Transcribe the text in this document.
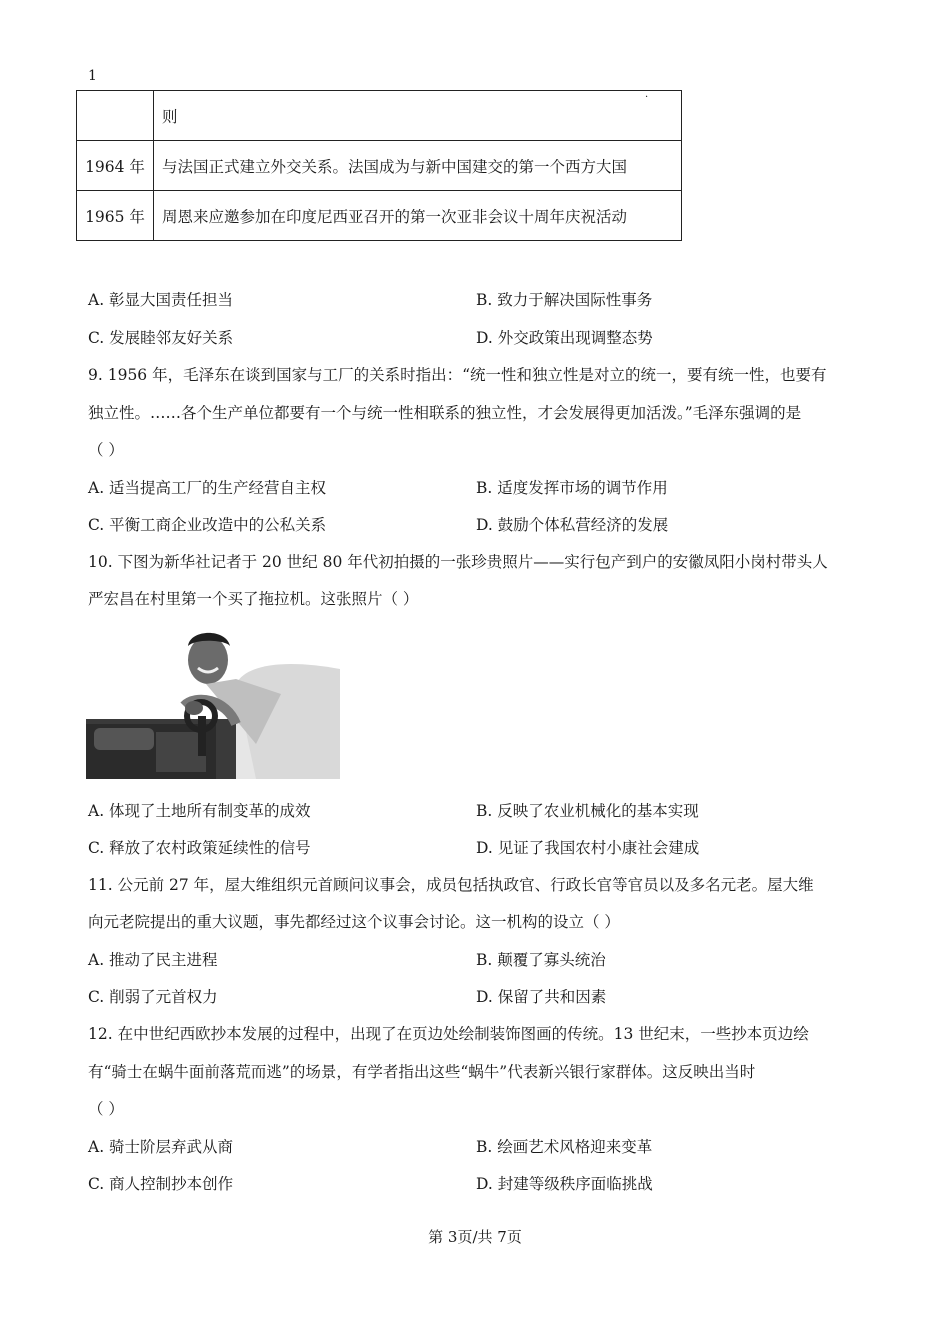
1
	则
1964 年	与法国正式建立外交关系。法国成为与新中国建交的第一个西方大国
1965 年	周恩来应邀参加在印度尼西亚召开的第一次亚非会议十周年庆祝活动
·
A. 彰显大国责任担当	B. 致力于解决国际性事务
C. 发展睦邻友好关系	D. 外交政策出现调整态势
9. 1956 年，毛泽东在谈到国家与工厂的关系时指出：“统一性和独立性是对立的统一，要有统一性，也要有
独立性。……各个生产单位都要有一个与统一性相联系的独立性，才会发展得更加活泼。”毛泽东强调的是
（ ）
A. 适当提高工厂的生产经营自主权	B. 适度发挥市场的调节作用
C. 平衡工商企业改造中的公私关系	D. 鼓励个体私营经济的发展
10. 下图为新华社记者于 20 世纪 80 年代初拍摄的一张珍贵照片——实行包产到户的安徽凤阳小岗村带头人
严宏昌在村里第一个买了拖拉机。这张照片（ ）
A. 体现了土地所有制变革的成效	B. 反映了农业机械化的基本实现
C. 释放了农村政策延续性的信号	D. 见证了我国农村小康社会建成
11. 公元前 27 年，屋大维组织元首顾问议事会，成员包括执政官、行政长官等官员以及多名元老。屋大维
向元老院提出的重大议题，事先都经过这个议事会讨论。这一机构的设立（ ）
A. 推动了民主进程	B. 颠覆了寡头统治
C. 削弱了元首权力	D. 保留了共和因素
12. 在中世纪西欧抄本发展的过程中，出现了在页边处绘制装饰图画的传统。13 世纪末，一些抄本页边绘
有“骑士在蜗牛面前落荒而逃”的场景，有学者指出这些“蜗牛”代表新兴银行家群体。这反映出当时
（ ）
A. 骑士阶层弃武从商	B. 绘画艺术风格迎来变革
C. 商人控制抄本创作	D. 封建等级秩序面临挑战
第 3页/共 7页
